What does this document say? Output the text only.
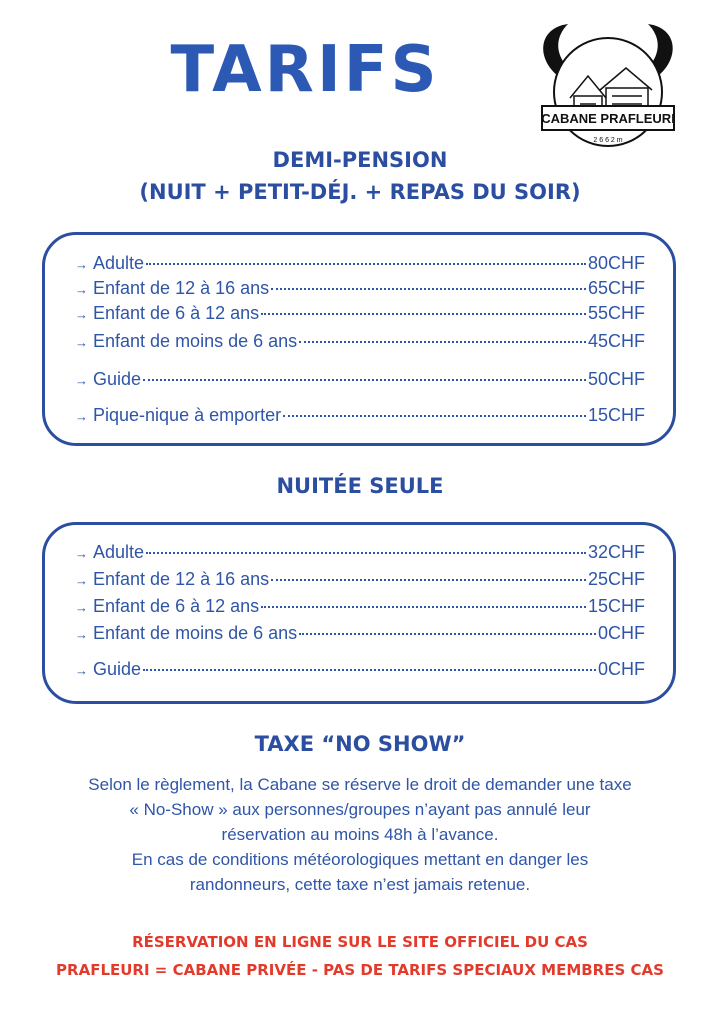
TARIFS
CABANE PRAFLEURI
2 6 6 2 m
DEMI-PENSION
(NUIT + PETIT-DÉJ. + REPAS DU SOIR)
→ Adulte	80CHF
→ Enfant de 12 à 16 ans	65CHF
→ Enfant de 6 à 12 ans	55CHF
→ Enfant de moins de 6 ans	45CHF
→ Guide	50CHF
→ Pique-nique à emporter	15CHF
NUITÉE SEULE
→ Adulte	32CHF
→ Enfant de 12 à 16 ans	25CHF
→ Enfant de 6 à 12 ans	15CHF
→ Enfant de moins de 6 ans	0CHF
→ Guide	0CHF
TAXE “NO SHOW”
Selon le règlement, la Cabane se réserve le droit de demander une taxe
« No-Show » aux personnes/groupes n’ayant pas annulé leur
réservation au moins 48h à l’avance.
En cas de conditions météorologiques mettant en danger les
randonneurs, cette taxe n’est jamais retenue.
RÉSERVATION EN LIGNE SUR LE SITE OFFICIEL DU CAS
PRAFLEURI = CABANE PRIVÉE - PAS DE TARIFS SPECIAUX MEMBRES CAS
